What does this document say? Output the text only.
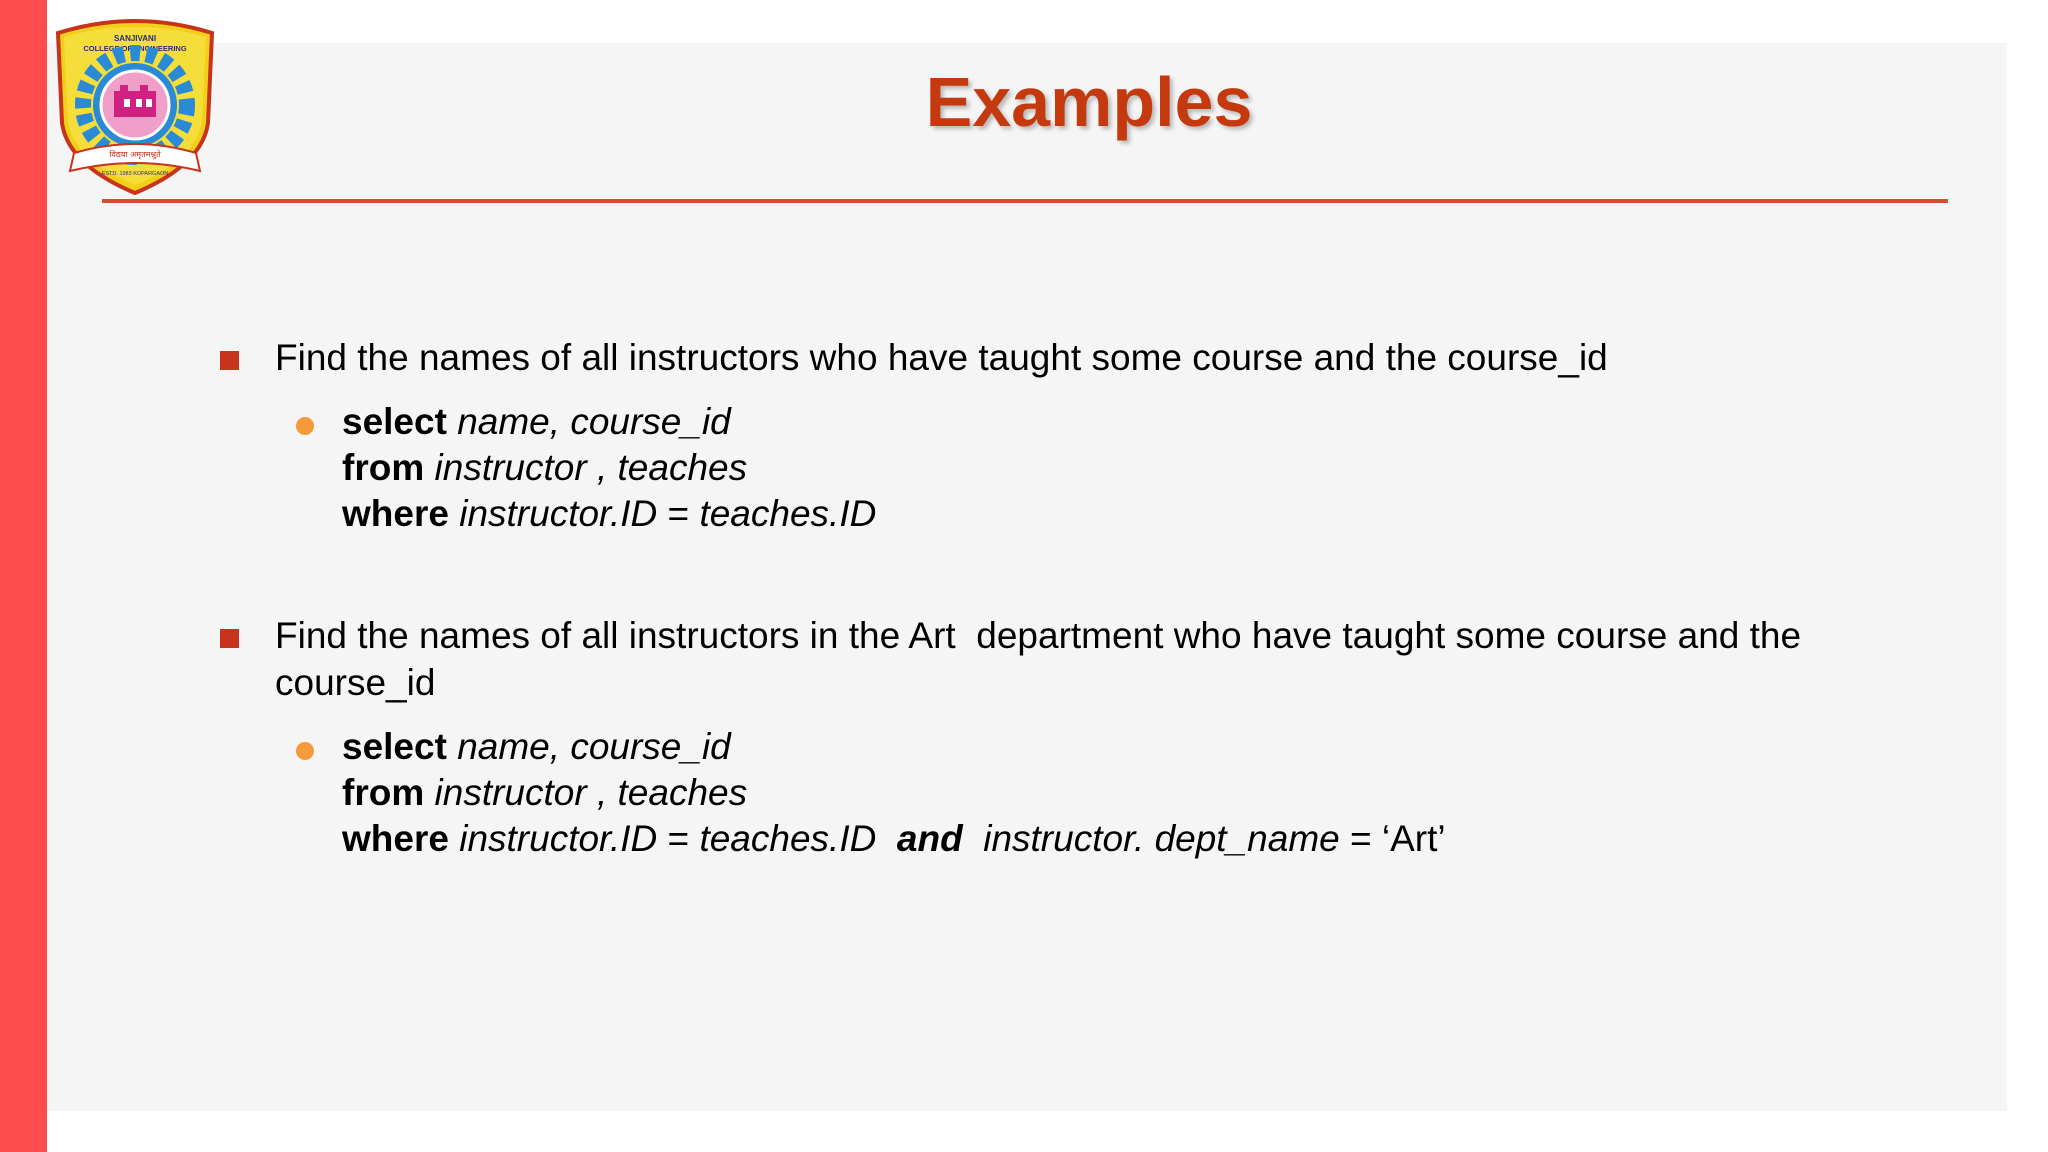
SANJIVANI
COLLEGE OF ENGINEERING
विद्यया अमृतमश्नुते
ESTD. 1983 KOPARGAON
Examples
Find the names of all instructors who have taught some course and the course_id
select name, course_id
from instructor , teaches
where instructor.ID = teaches.ID
Find the names of all instructors in the Art  department who have taught some course and the course_id
select name, course_id
from instructor , teaches
where instructor.ID = teaches.ID and instructor. dept_name = ‘Art’
